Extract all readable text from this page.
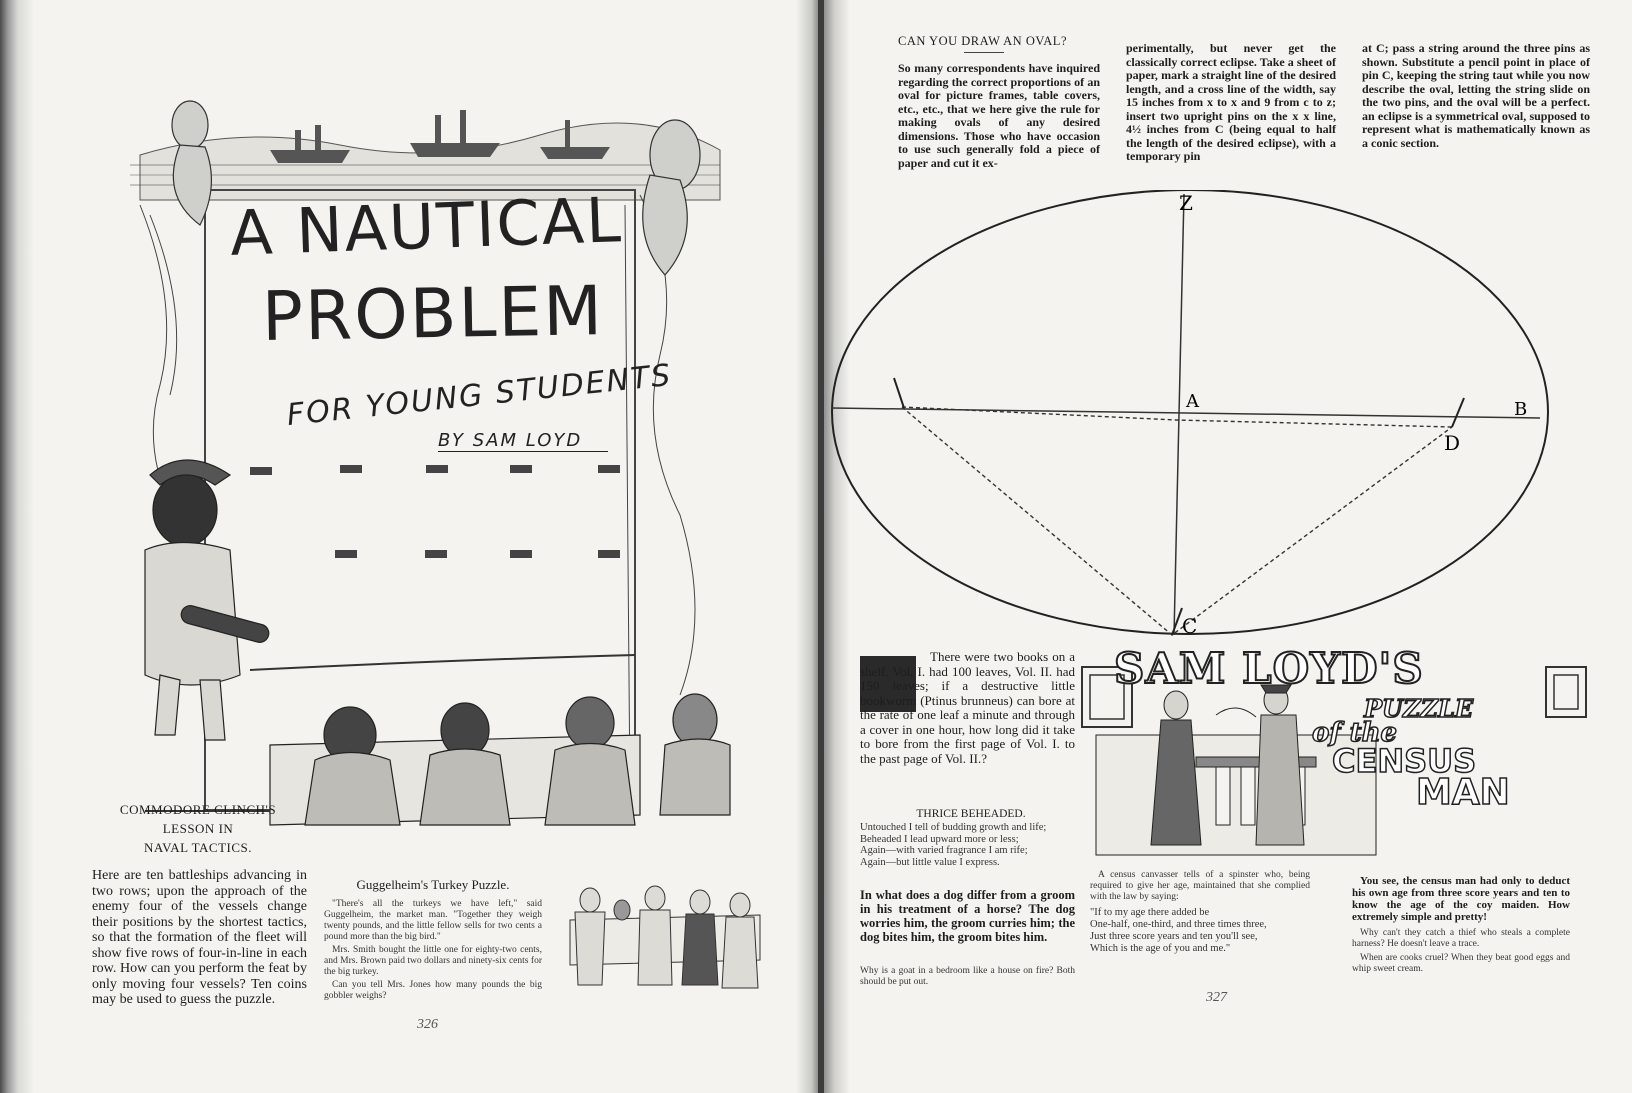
A NAUTICAL
PROBLEM
FOR YOUNG STUDENTS
BY SAM LOYD
COMMODORE CLINCH'S
LESSON IN
NAVAL TACTICS.
Here are ten battleships advancing in two rows; upon the approach of the enemy four of the vessels change their positions by the shortest tactics, so that the formation of the fleet will show five rows of four-in-line in each row. How can you perform the feat by only moving four vessels? Ten coins may be used to guess the puzzle.
Guggelheim's Turkey Puzzle.

"There's all the turkeys we have left," said Guggelheim, the market man. "Together they weigh twenty pounds, and the little fellow sells for two cents a pound more than the big bird."

Mrs. Smith bought the little one for eighty-two cents, and Mrs. Brown paid two dollars and ninety-six cents for the big turkey.

Can you tell Mrs. Jones how many pounds the big gobbler weighs?

326
CAN YOU DRAW AN OVAL?
So many correspondents have inquired regarding the correct proportions of an oval for picture frames, table covers, etc., etc., that we here give the rule for making ovals of any desired dimensions. Those who have occasion to use such generally fold a piece of paper and cut it ex-
perimentally, but never get the classically correct eclipse. Take a sheet of paper, mark a straight line of the desired length, and a cross line of the width, say 15 inches from x to x and 9 from c to z; insert two upright pins on the x x line, 4½ inches from C (being equal to half the length of the desired eclipse), with a temporary pin
at C; pass a string around the three pins as shown. Substitute a pencil point in place of pin C, keeping the string taut while you now describe the oval, letting the string slide on the two pins, and the oval will be a perfect. an eclipse is a symmetrical oval, supposed to represent what is mathematically known as a conic section.
Z
A	B
D
C
There were two books on a shelf. Vol. I. had 100 leaves, Vol. II. had 150 leaves; if a destructive little bookworm (Ptinus brunneus) can bore at the rate of one leaf a minute and through a cover in one hour, how long did it take to bore from the first page of Vol. I. to the past page of Vol. II.?
THRICE BEHEADED.
Untouched I tell of budding growth and life;
Beheaded I lead upward more or less;
Again—with varied fragrance I am rife;
Again—but little value I express.
In what does a dog differ from a groom in his treatment of a horse? The dog worries him, the groom curries him; the dog bites him, the groom bites him.
Why is a goat in a bedroom like a house on fire? Both should be put out.
SAM LOYD'S
PUZZLE
of the
CENSUS
MAN
A census canvasser tells of a spinster who, being required to give her age, maintained that she complied with the law by saying:
"If to my age there added be
One-half, one-third, and three times three,
Just three score years and ten you'll see,
Which is the age of you and me."
You see, the census man had only to deduct his own age from three score years and ten to know the age of the coy maiden. How extremely simple and pretty!
Why can't they catch a thief who steals a complete harness? He doesn't leave a trace.
When are cooks cruel? When they beat good eggs and whip sweet cream.
327
